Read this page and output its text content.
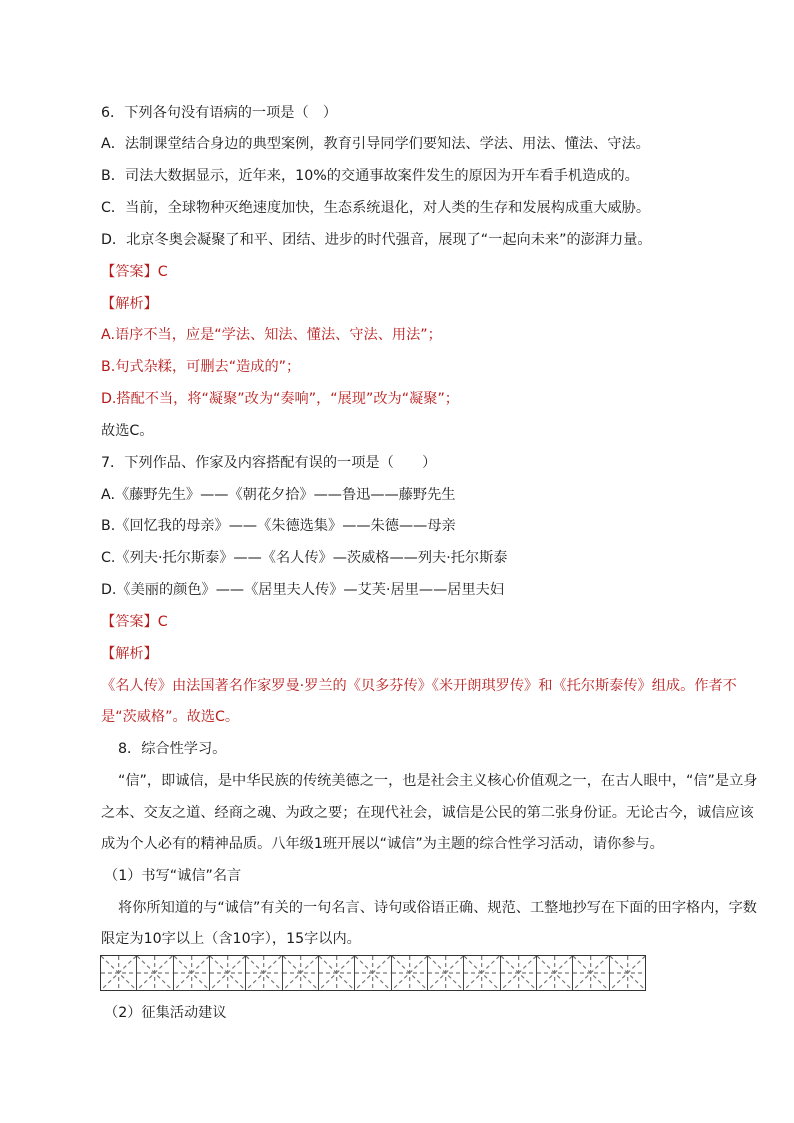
6．下列各句没有语病的一项是（　）
A．法制课堂结合身边的典型案例，教育引导同学们要知法、学法、用法、懂法、守法。
B．司法大数据显示，近年来，10%的交通事故案件发生的原因为开车看手机造成的。
C．当前，全球物种灭绝速度加快，生态系统退化，对人类的生存和发展构成重大威胁。
D．北京冬奥会凝聚了和平、团结、进步的时代强音，展现了“一起向未来”的澎湃力量。
【答案】C
【解析】
A.语序不当，应是“学法、知法、懂法、守法、用法”；
B.句式杂糅，可删去“造成的”；
D.搭配不当，将“凝聚”改为“奏响”，“展现”改为“凝聚”；
故选C。
7．下列作品、作家及内容搭配有误的一项是（　　）
A.《藤野先生》——《朝花夕拾》——鲁迅——藤野先生
B.《回忆我的母亲》——《朱德选集》——朱德——母亲
C.《列夫·托尔斯泰》——《名人传》—茨威格——列夫·托尔斯泰
D.《美丽的颜色》——《居里夫人传》—艾芙·居里——居里夫妇
【答案】C
【解析】
《名人传》由法国著名作家罗曼·罗兰的《贝多芬传》《米开朗琪罗传》和《托尔斯泰传》组成。作者不
是“茨威格”。故选C。
8．综合性学习。
“信”，即诚信，是中华民族的传统美德之一，也是社会主义核心价值观之一，在古人眼中，“信”是立身
之本、交友之道、经商之魂、为政之要；在现代社会，诚信是公民的第二张身份证。无论古今，诚信应该
成为个人必有的精神品质。八年级1班开展以“诚信”为主题的综合性学习活动，请你参与。
（1）书写“诚信”名言
将你所知道的与“诚信”有关的一句名言、诗句或俗语正确、规范、工整地抄写在下面的田字格内，字数
限定为10字以上（含10字），15字以内。
（2）征集活动建议
